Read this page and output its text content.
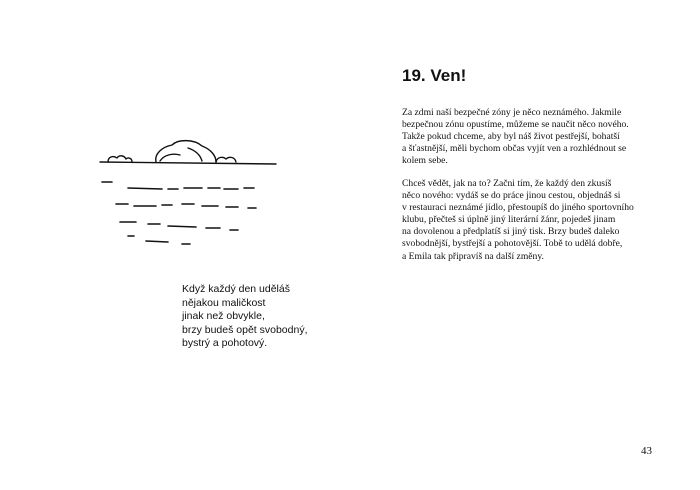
Když každý den uděláš
nějakou maličkost
jinak než obvykle,
brzy budeš opět svobodný,
bystrý a pohotový.
19. Ven!
Za zdmi naší bezpečné zóny je něco neznámého. Jakmile
bezpečnou zónu opustíme, můžeme se naučit něco nového.
Takže pokud chceme, aby byl náš život pestřejší, bohatší
a šťastnější, měli bychom občas vyjít ven a rozhlédnout se
kolem sebe.
Chceš vědět, jak na to? Začni tím, že každý den zkusíš
něco nového: vydáš se do práce jinou cestou, objednáš si
v restauraci neznámé jídlo, přestoupíš do jiného sportovního
klubu, přečteš si úplně jiný literární žánr, pojedeš jinam
na dovolenou a předplatíš si jiný tisk. Brzy budeš daleko
svobodnější, bystřejší a pohotovější. Tobě to udělá dobře,
a Emila tak připravíš na další změny.
43
